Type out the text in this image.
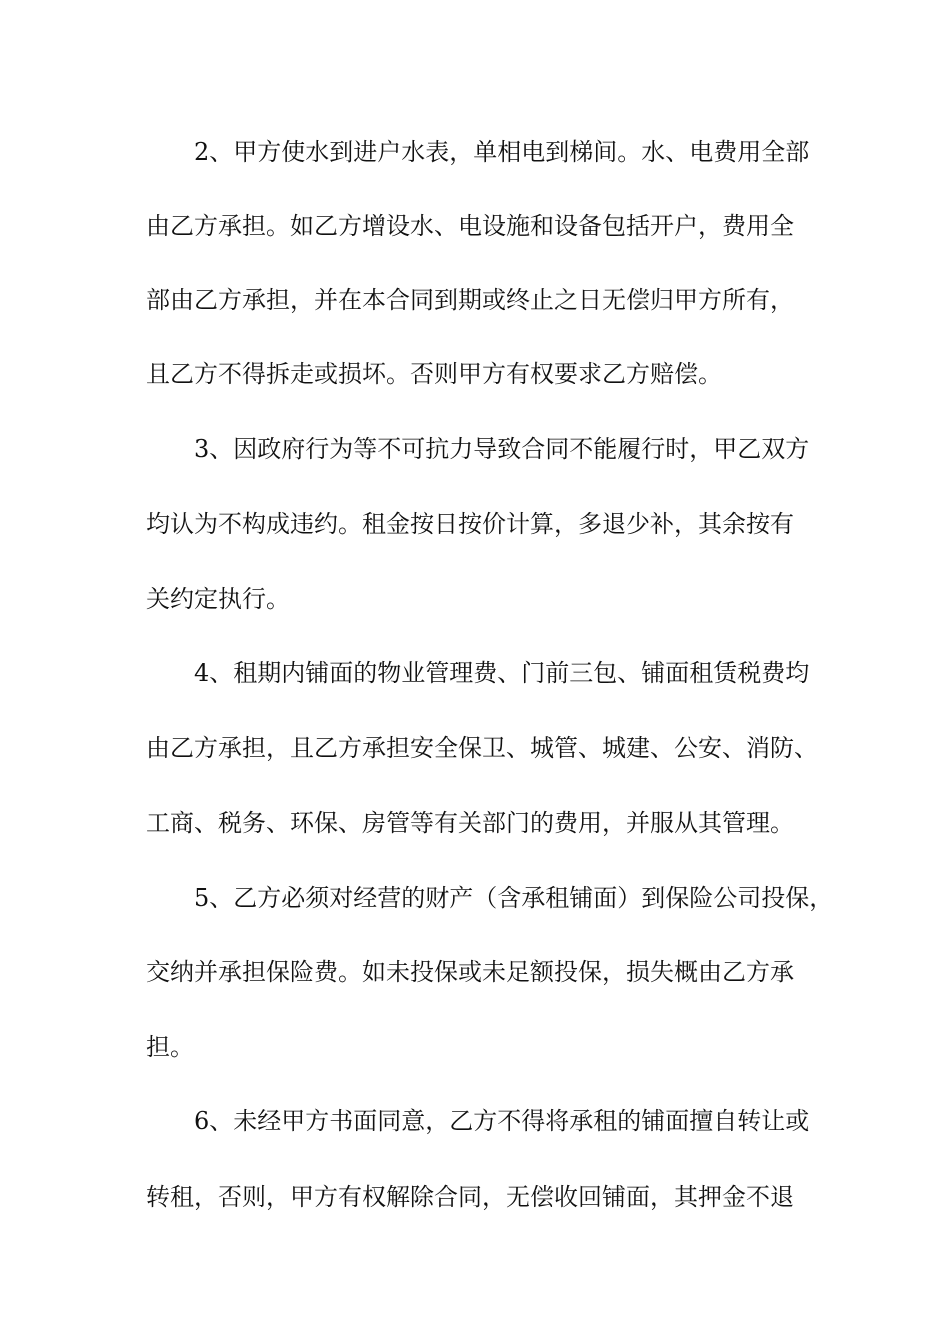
2、甲方使水到进户水表，单相电到梯间。水、电费用全部
由乙方承担。如乙方增设水、电设施和设备包括开户，费用全
部由乙方承担，并在本合同到期或终止之日无偿归甲方所有，
且乙方不得拆走或损坏。否则甲方有权要求乙方赔偿。
3、因政府行为等不可抗力导致合同不能履行时，甲乙双方
均认为不构成违约。租金按日按价计算，多退少补，其余按有
关约定执行。
4、租期内铺面的物业管理费、门前三包、铺面租赁税费均
由乙方承担，且乙方承担安全保卫、城管、城建、公安、消防、
工商、税务、环保、房管等有关部门的费用，并服从其管理。
5、乙方必须对经营的财产（含承租铺面）到保险公司投保，
交纳并承担保险费。如未投保或未足额投保，损失概由乙方承
担。
6、未经甲方书面同意，乙方不得将承租的铺面擅自转让或
转租，否则，甲方有权解除合同，无偿收回铺面，其押金不退
